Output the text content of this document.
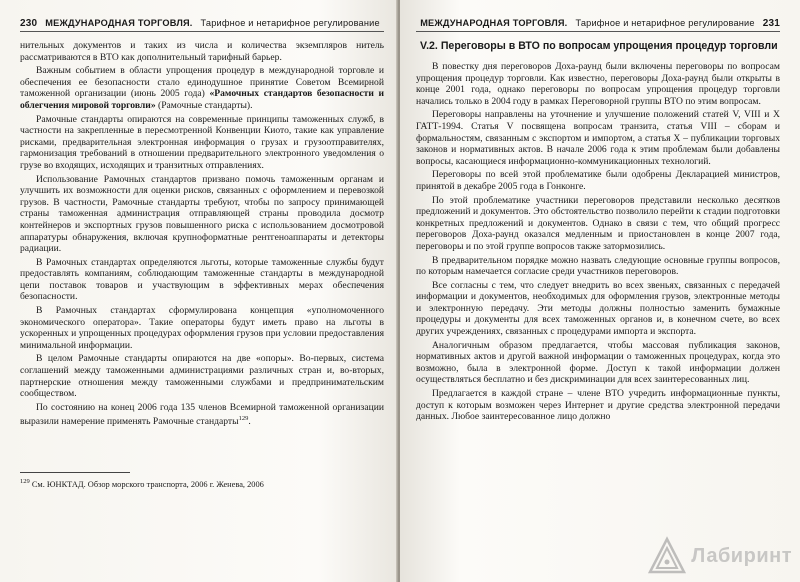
230 МЕЖДУНАРОДНАЯ ТОРГОВЛЯ. Тарифное и нетарифное регулирование

нительных документов и таких из числа и количества экземпляров нитель рассматриваются в ВТО как дополнительный тарифный барьер.

Важным событием в области упрощения процедур в международной торговле и обеспечения ее безопасности стало единодушное принятие Советом Всемирной таможенной организации (июнь 2005 года) «Рамочных стандартов безопасности и облегчения мировой торговли» (Рамочные стандарты).

Рамочные стандарты опираются на современные принципы таможенных служб, в частности на закрепленные в пересмотренной Конвенции Киото, такие как управление рисками, предварительная электронная информация о грузах и грузоотправителях, гармонизация требований в отношении предварительного электронного уведомления о грузе во входящих, исходящих и транзитных отправлениях.

Использование Рамочных стандартов призвано помочь таможенным органам и улучшить их возможности для оценки рисков, связанных с оформлением и перевозкой грузов. В частности, Рамочные стандарты требуют, чтобы по запросу принимающей страны таможенная администрация отправляющей страны проводила досмотр контейнеров и экспортных грузов повышенного риска с использованием досмотровой аппаратуры обнаружения, включая крупноформатные рентгеноаппараты и детекторы радиации.

В Рамочных стандартах определяются льготы, которые таможенные службы будут предоставлять компаниям, соблюдающим таможенные стандарты в международной цепи поставок товаров и участвующим в эффективных мерах обеспечения безопасности.

В Рамочных стандартах сформулирована концепция «уполномоченного экономического оператора». Такие операторы будут иметь право на льготы в ускоренных и упрощенных процедурах оформления грузов при условии предоставления минимальной информации.

В целом Рамочные стандарты опираются на две «опоры». Во-первых, система соглашений между таможенными администрациями различных стран и, во-вторых, партнерские отношения между таможенными службами и предпринимательским сообществом.

По состоянию на конец 2006 года 135 членов Всемирной таможенной организации выразили намерение применять Рамочные стандарты$^{129}$.

$^{129}$ См. ЮНКТАД. Обзор морского транспорта, 2006 г. Женева, 2006
МЕЖДУНАРОДНАЯ ТОРГОВЛЯ. Тарифное и нетарифное регулирование 231
V.2. Переговоры в ВТО по вопросам упрощения процедур торговли

В повестку дня переговоров Доха-раунд были включены переговоры по вопросам упрощения процедур торговли. Как известно, переговоры Доха-раунд были открыты в конце 2001 года, однако переговоры по вопросам упрощения процедур торговли начались только в 2004 году в рамках Переговорной группы ВТО по этим вопросам.

Переговоры направлены на уточнение и улучшение положений статей V, VIII и X ГАТТ-1994. Статья V посвящена вопросам транзита, статья VIII – сборам и формальностям, связанным с экспортом и импортом, а статья X – публикации торговых законов и нормативных актов. В начале 2006 года к этим проблемам были добавлены вопросы, касающиеся информационно-коммуникационных технологий.

Переговоры по всей этой проблематике были одобрены Декларацией министров, принятой в декабре 2005 года в Гонконге.

По этой проблематике участники переговоров представили несколько десятков предложений и документов. Это обстоятельство позволило перейти к стадии подготовки конкретных предложений и документов. Однако в связи с тем, что общий прогресс переговоров Доха-раунд оказался медленным и приостановлен в конце 2007 года, переговоры и по этой группе вопросов также затормозились.

В предварительном порядке можно назвать следующие основные группы вопросов, по которым намечается согласие среди участников переговоров.

Все согласны с тем, что следует внедрить во всех звеньях, связанных с передачей информации и документов, необходимых для оформления грузов, электронные методы и электронную передачу. Эти методы должны полностью заменить бумажные процедуры и документы для всех таможенных органов и, в конечном счете, во всех других учреждениях, связанных с процедурами импорта и экспорта.

Аналогичным образом предлагается, чтобы массовая публикация законов, нормативных актов и другой важной информации о таможенных процедурах, когда это возможно, была в электронной форме. Доступ к такой информации должен осуществляться бесплатно и без дискриминации для всех заинтересованных лиц.

Предлагается в каждой стране – члене ВТО учредить информационные пункты, доступ к которым возможен через Интернет и другие средства электронной передачи данных. Любое заинтересованное лицо должно

Лабиринт
